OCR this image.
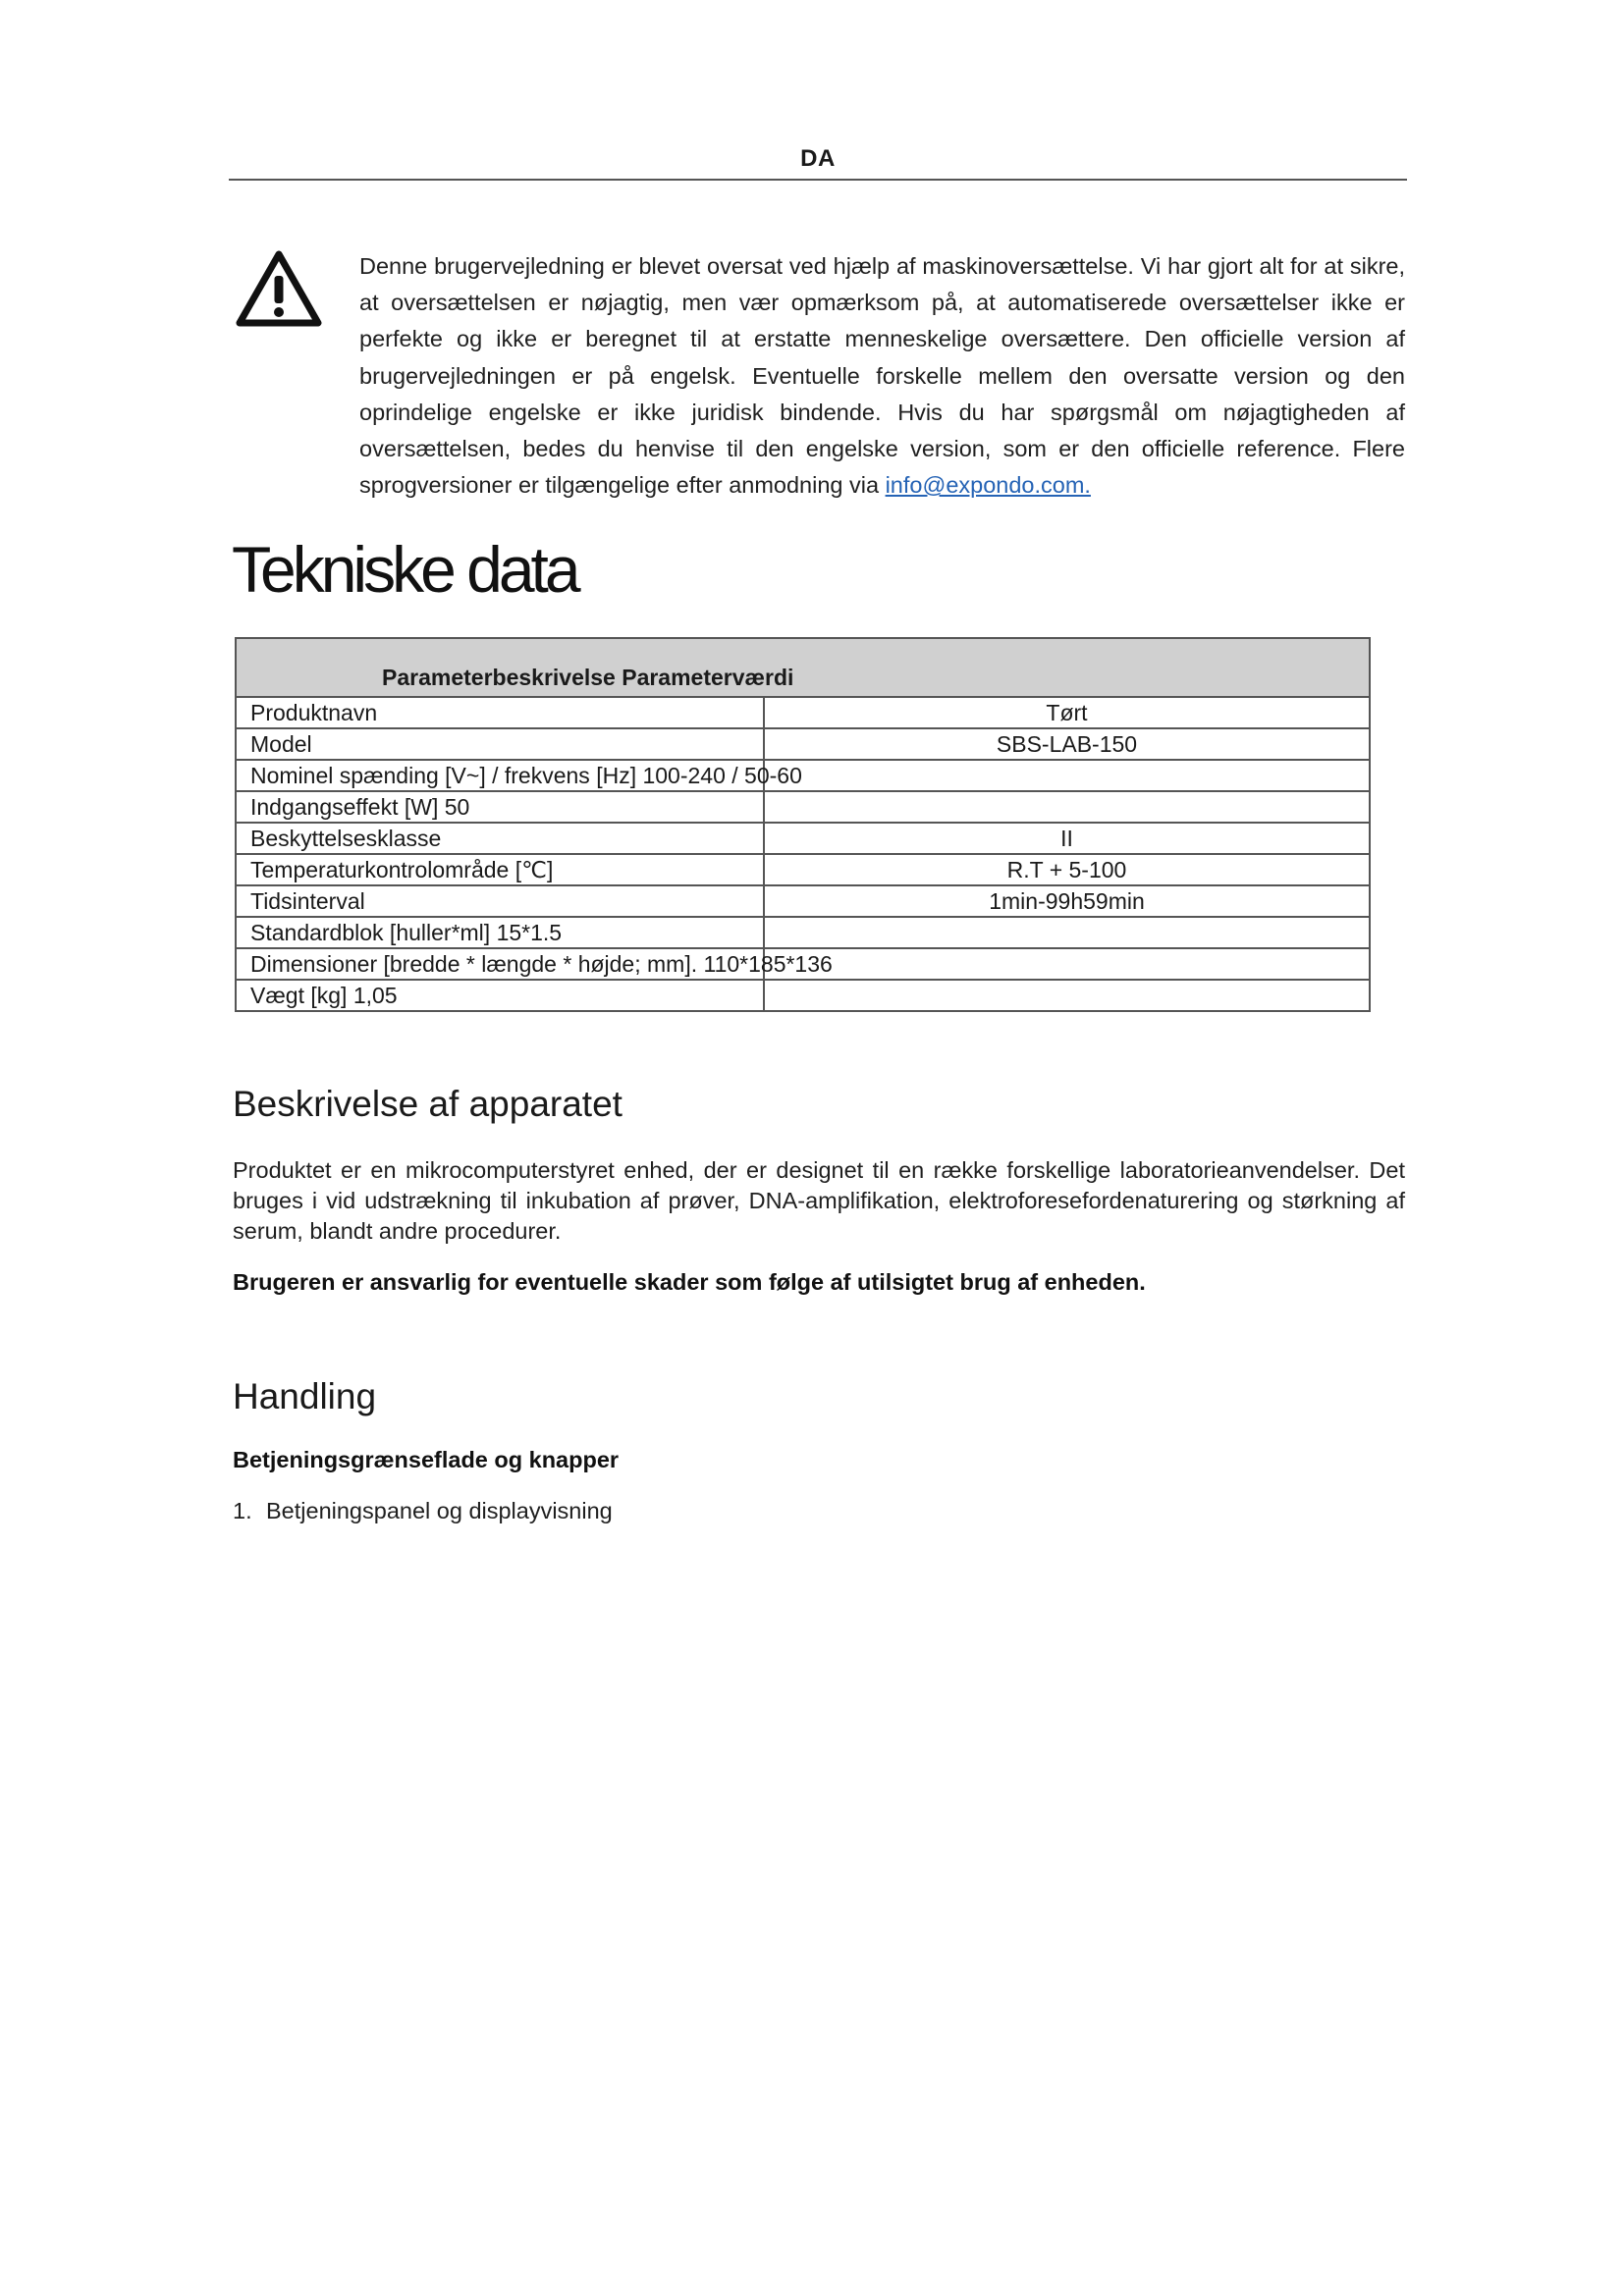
DA
Denne brugervejledning er blevet oversat ved hjælp af maskinoversættelse. Vi har gjort alt for at sikre, at oversættelsen er nøjagtig, men vær opmærksom på, at automatiserede oversættelser ikke er perfekte og ikke er beregnet til at erstatte menneskelige oversættere. Den officielle version af brugervejledningen er på engelsk. Eventuelle forskelle mellem den oversatte version og den oprindelige engelske er ikke juridisk bindende. Hvis du har spørgsmål om nøjagtigheden af oversættelsen, bedes du henvise til den engelske version, som er den officielle reference. Flere sprogversioner er tilgængelige efter anmodning via info@expondo.com.
Tekniske data
Parameterbeskrivelse Parameterværdi	
Produktnavn	Tørt
Model	SBS-LAB-150
Nominel spænding [V~] / frekvens [Hz] 100-240 / 50-60	
Indgangseffekt [W] 50	
Beskyttelsesklasse	II
Temperaturkontrolområde [℃]	R.T + 5-100
Tidsinterval	1min-99h59min
Standardblok [huller*ml] 15*1.5	
Dimensioner [bredde * længde * højde; mm]. 110*185*136	
Vægt [kg] 1,05	
Beskrivelse af apparatet

Produktet er en mikrocomputerstyret enhed, der er designet til en række forskellige laboratorieanvendelser. Det bruges i vid udstrækning til inkubation af prøver, DNA-amplifikation, elektroforesefordenaturering og størkning af serum, blandt andre procedurer.

Brugeren er ansvarlig for eventuelle skader som følge af utilsigtet brug af enheden.

Handling

Betjeningsgrænseflade og knapper

1. Betjeningspanel og displayvisning
